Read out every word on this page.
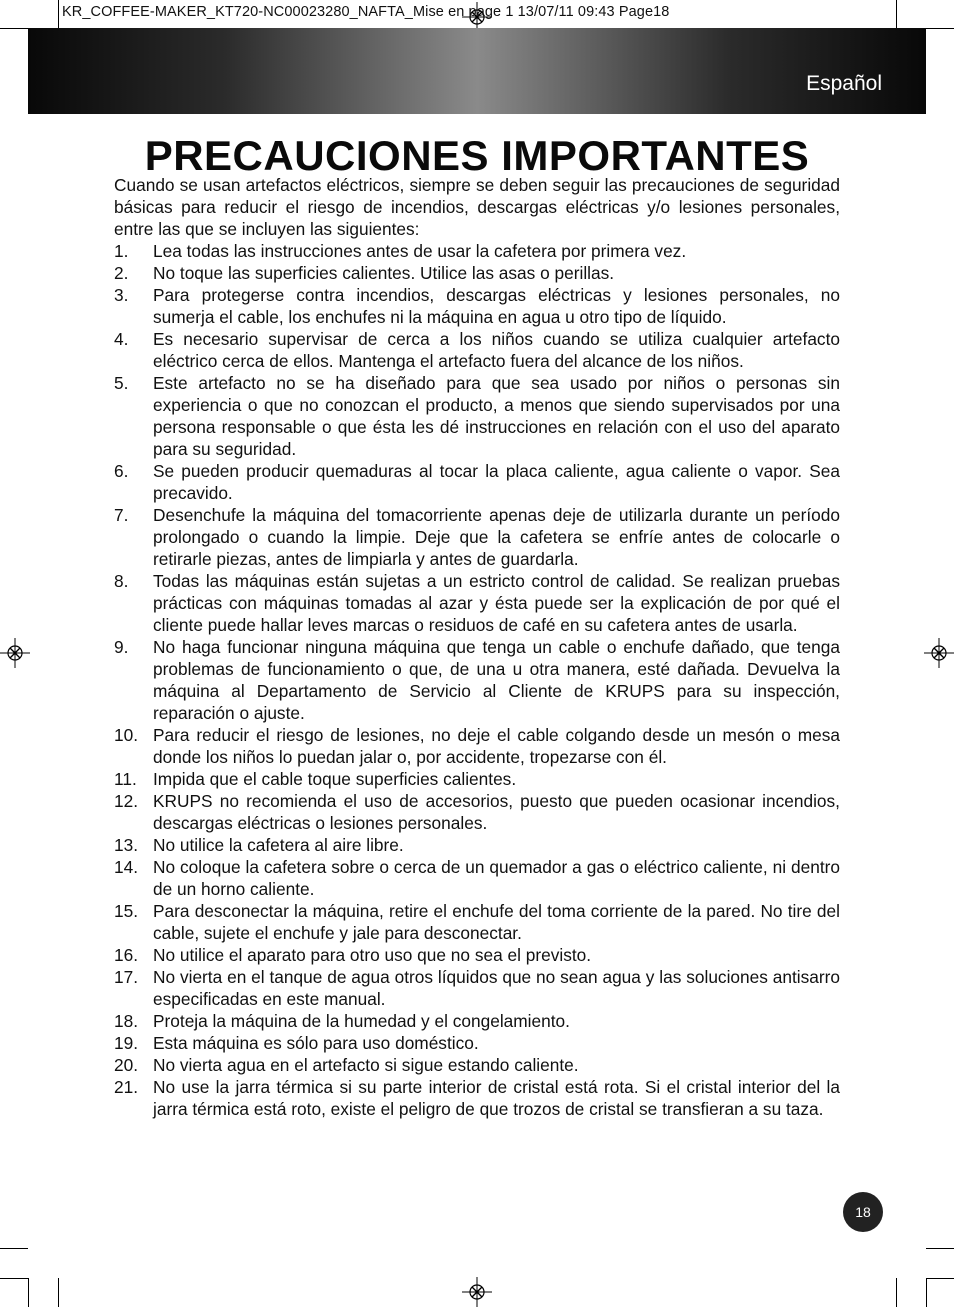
KR_COFFEE-MAKER_KT720-NC00023280_NAFTA_Mise en page 1 13/07/11 09:43 Page18
Español
PRECAUCIONES IMPORTANTES

Cuando se usan artefactos eléctricos, siempre se deben seguir las precauciones de seguridad básicas para reducir el riesgo de incendios, descargas eléctricas y/o lesiones personales, entre las que se incluyen las siguientes:

1. Lea todas las instrucciones antes de usar la cafetera por primera vez.
2. No toque las superficies calientes. Utilice las asas o perillas.
3. Para protegerse contra incendios, descargas eléctricas y lesiones personales, no sumerja el cable, los enchufes ni la máquina en agua u otro tipo de líquido.
4. Es necesario supervisar de cerca a los niños cuando se utiliza cualquier artefacto eléctrico cerca de ellos. Mantenga el artefacto fuera del alcance de los niños.
5. Este artefacto no se ha diseñado para que sea usado por niños o personas sin experiencia o que no conozcan el producto, a menos que siendo supervisados por una persona responsable o que ésta les dé instrucciones en relación con el uso del aparato para su seguridad.
6. Se pueden producir quemaduras al tocar la placa caliente, agua caliente o vapor. Sea precavido.
7. Desenchufe la máquina del tomacorriente apenas deje de utilizarla durante un período prolongado o cuando la limpie. Deje que la cafetera se enfríe antes de colocarle o retirarle piezas, antes de limpiarla y antes de guardarla.
8. Todas las máquinas están sujetas a un estricto control de calidad. Se realizan pruebas prácticas con máquinas tomadas al azar y ésta puede ser la explicación de por qué el cliente puede hallar leves marcas o residuos de café en su cafetera antes de usarla.
9. No haga funcionar ninguna máquina que tenga un cable o enchufe dañado, que tenga problemas de funcionamiento o que, de una u otra manera, esté dañada. Devuelva la máquina al Departamento de Servicio al Cliente de KRUPS para su inspección, reparación o ajuste.
10. Para reducir el riesgo de lesiones, no deje el cable colgando desde un mesón o mesa donde los niños lo puedan jalar o, por accidente, tropezarse con él.
11. Impida que el cable toque superficies calientes.
12. KRUPS no recomienda el uso de accesorios, puesto que pueden ocasionar incendios, descargas eléctricas o lesiones personales.
13. No utilice la cafetera al aire libre.
14. No coloque la cafetera sobre o cerca de un quemador a gas o eléctrico caliente, ni dentro de un horno caliente.
15. Para desconectar la máquina, retire el enchufe del toma corriente de la pared. No tire del cable, sujete el enchufe y jale para desconectar.
16. No utilice el aparato para otro uso que no sea el previsto.
17. No vierta en el tanque de agua otros líquidos que no sean agua y las soluciones antisarro especificadas en este manual.
18. Proteja la máquina de la humedad y el congelamiento.
19. Esta máquina es sólo para uso doméstico.
20. No vierta agua en el artefacto si sigue estando caliente.
21. No use la jarra térmica si su parte interior de cristal está rota. Si el cristal interior del la jarra térmica está roto, existe el peligro de que trozos de cristal se transfieran a su taza.
18
